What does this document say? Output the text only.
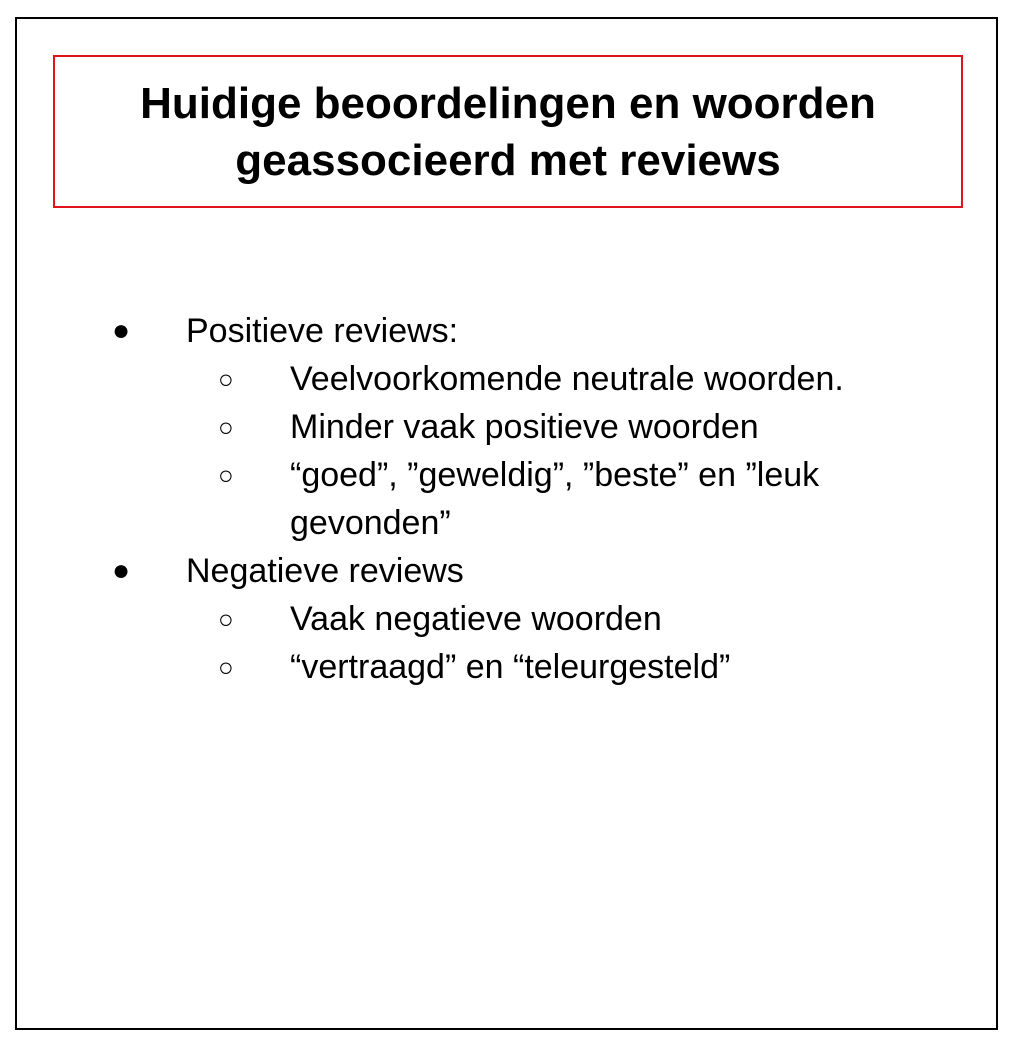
Huidige beoordelingen en woorden geassocieerd met reviews
● Positieve reviews:
○ Veelvoorkomende neutrale woorden.
○ Minder vaak positieve woorden
○ “goed”, ”geweldig”, ”beste” en ”leuk gevonden”
● Negatieve reviews
○ Vaak negatieve woorden
○ “vertraagd” en “teleurgesteld”
